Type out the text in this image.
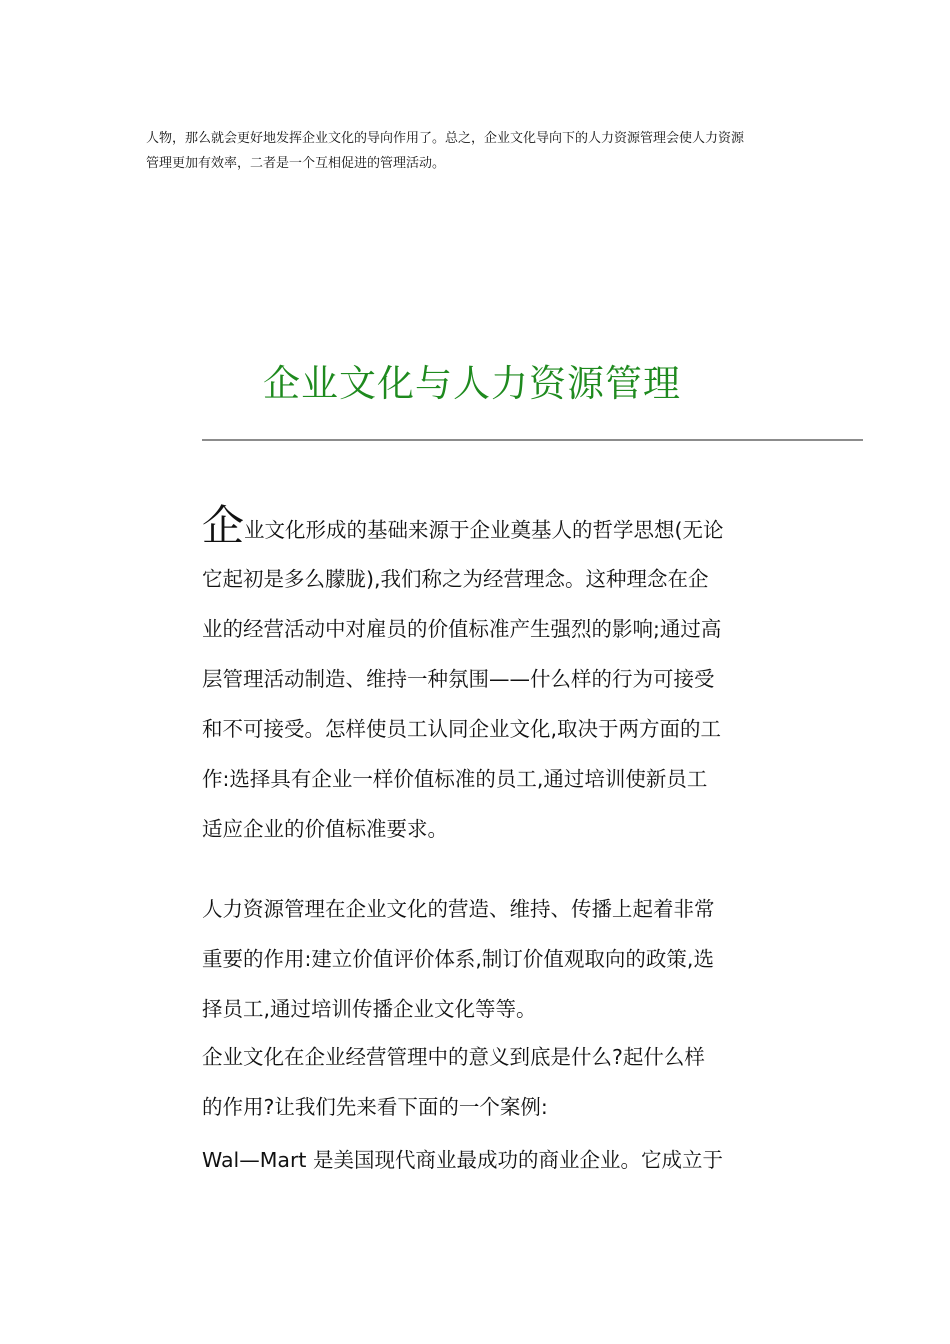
人物，那么就会更好地发挥企业文化的导向作用了。总之，企业文化导向下的人力资源管理会使人力资源
管理更加有效率，二者是一个互相促进的管理活动。

企业文化与人力资源管理

企业文化形成的基础来源于企业奠基人的哲学思想(无论
它起初是多么朦胧),我们称之为经营理念。这种理念在企
业的经营活动中对雇员的价值标准产生强烈的影响;通过高
层管理活动制造、维持一种氛围——什么样的行为可接受
和不可接受。怎样使员工认同企业文化,取决于两方面的工
作:选择具有企业一样价值标准的员工,通过培训使新员工
适应企业的价值标准要求。

人力资源管理在企业文化的营造、维持、传播上起着非常
重要的作用:建立价值评价体系,制订价值观取向的政策,选
择员工,通过培训传播企业文化等等。

企业文化在企业经营管理中的意义到底是什么?起什么样
的作用?让我们先来看下面的一个案例:

Wal—Mart 是美国现代商业最成功的商业企业。它成立于
